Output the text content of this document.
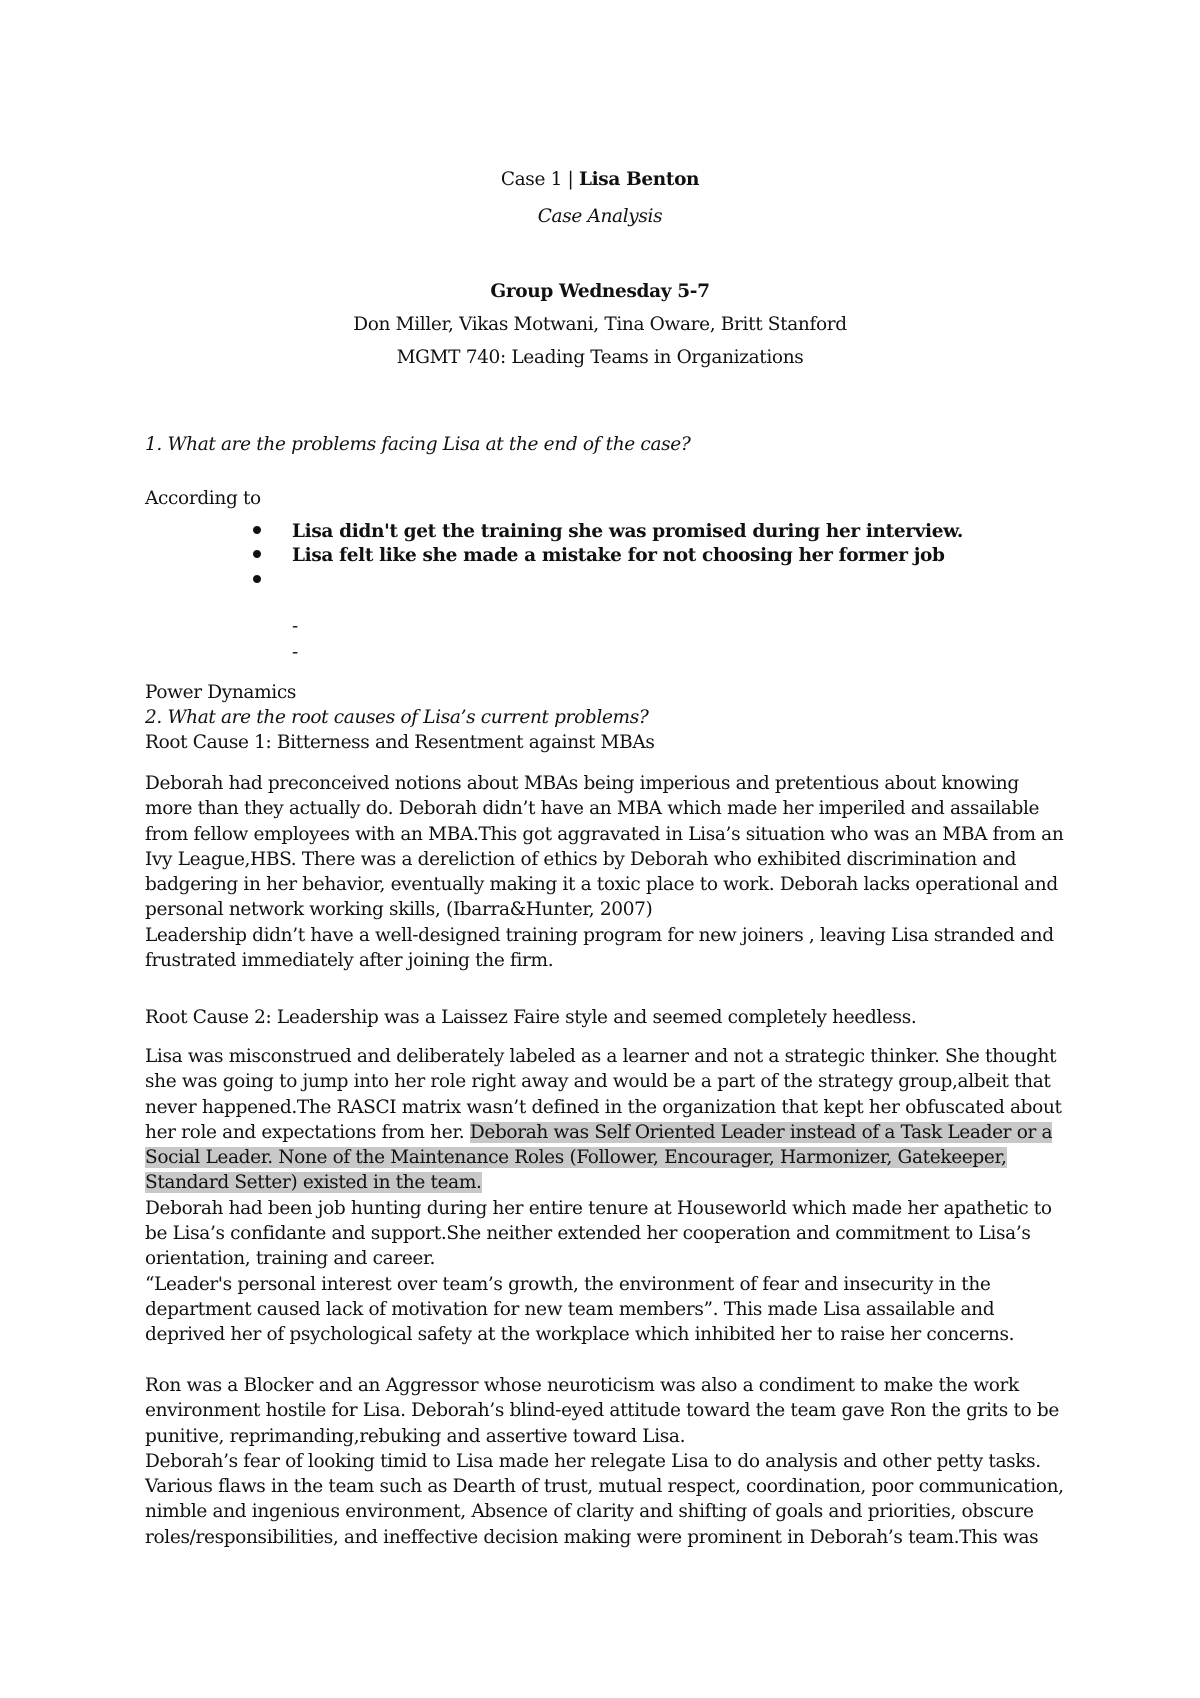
Case 1 | Lisa Benton
Case Analysis
Group Wednesday 5-7
Don Miller, Vikas Motwani, Tina Oware, Britt Stanford
MGMT 740: Leading Teams in Organizations
1. What are the problems facing Lisa at the end of the case?
According to
Lisa didn't get the training she was promised during her interview.
Lisa felt like she made a mistake for not choosing her former job
-
-
Power Dynamics
2. What are the root causes of Lisa’s current problems?
Root Cause 1: Bitterness and Resentment against MBAs

Deborah had preconceived notions about MBAs being imperious and pretentious about knowing more than they actually do. Deborah didn’t have an MBA which made her imperiled and assailable from fellow employees with an MBA.This got aggravated in Lisa’s situation who was an MBA from an Ivy League,HBS. There was a dereliction of ethics by Deborah who exhibited discrimination and badgering in her behavior, eventually making it a toxic place to work. Deborah lacks operational and personal network working skills, (Ibarra&Hunter, 2007)

Leadership didn’t have a well-designed training program for new joiners , leaving Lisa stranded and frustrated immediately after joining the firm.

Root Cause 2: Leadership was a Laissez Faire style and seemed completely heedless.

Lisa was misconstrued and deliberately labeled as a learner and not a strategic thinker. She thought she was going to jump into her role right away and would be a part of the strategy group,albeit that never happened.The RASCI matrix wasn’t defined in the organization that kept her obfuscated about her role and expectations from her. Deborah was Self Oriented Leader instead of a Task Leader or a Social Leader. None of the Maintenance Roles (Follower, Encourager, Harmonizer, Gatekeeper, Standard Setter) existed in the team.

Deborah had been job hunting during her entire tenure at Houseworld which made her apathetic to be Lisa’s confidante and support.She neither extended her cooperation and commitment to Lisa’s orientation, training and career.

“Leader's personal interest over team’s growth, the environment of fear and insecurity in the department caused lack of motivation for new team members”. This made Lisa assailable and deprived her of psychological safety at the workplace which inhibited her to raise her concerns.

Ron was a Blocker and an Aggressor whose neuroticism was also a condiment to make the work environment hostile for Lisa. Deborah’s blind-eyed attitude toward the team gave Ron the grits to be punitive, reprimanding,rebuking and assertive toward Lisa.

Deborah’s fear of looking timid to Lisa made her relegate Lisa to do analysis and other petty tasks. Various flaws in the team such as Dearth of trust, mutual respect, coordination, poor communication, nimble and ingenious environment, Absence of clarity and shifting of goals and priorities, obscure roles/responsibilities, and ineffective decision making were prominent in Deborah’s team.This was
